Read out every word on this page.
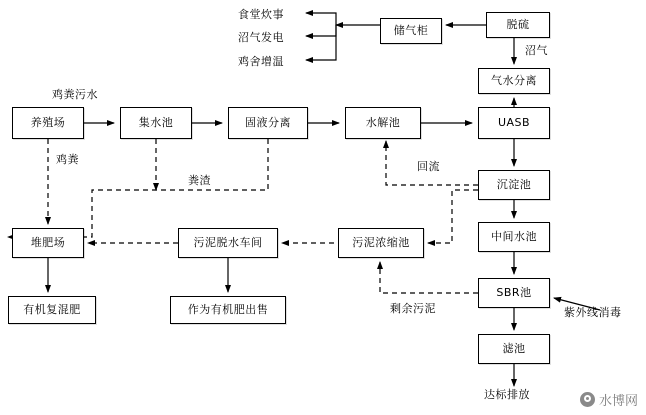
养殖场	集水池	固液分离	水解池	UASB
气水分离
脱硫
储气柜
沉淀池
中间水池
SBR池
滤池
污泥浓缩池
污泥脱水车间
作为有机肥出售
堆肥场
有机复混肥
鸡粪污水
鸡粪
粪渣
回流
剩余污泥
沼气
食堂炊事
沼气发电
鸡舍增温
紫外线消毒
达标排放	水博网
